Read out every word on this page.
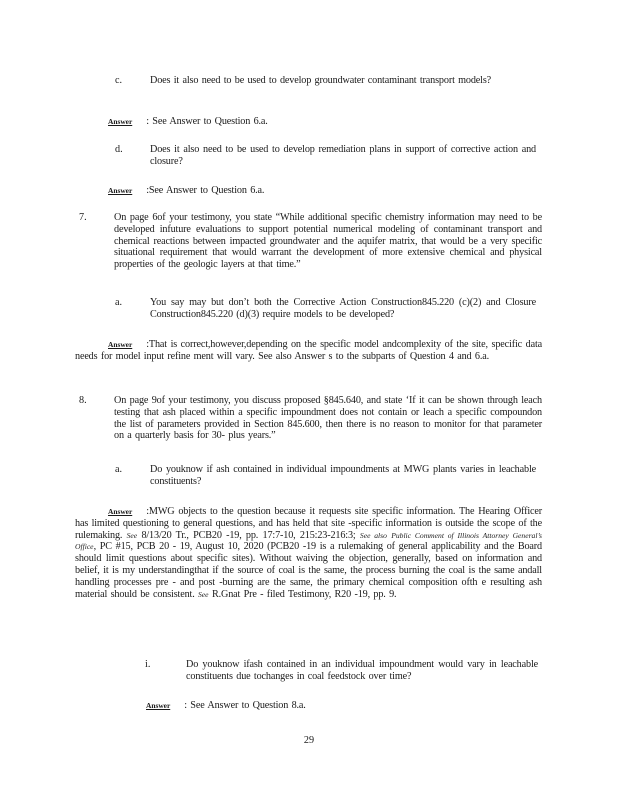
c.	Does it also need to be used to develop groundwater contaminant transport models?
Answer : See Answer to Question 6.a.
d.	Does it also need to be used to develop remediation plans in support of corrective action and closure?
Answer :See Answer to Question 6.a.
7.	On page 6of your testimony, you state “While additional specific chemistry information may need to be developed infuture evaluations to support potential numerical modeling of contaminant transport and chemical reactions between impacted groundwater and the aquifer matrix, that would be a very specific situational requirement that would warrant the development of more extensive chemical and physical properties of the geologic layers at that time.”
a.	You say may but don’t both the Corrective Action Construction845.220 (c)(2) and Closure Construction845.220 (d)(3) require models to be developed?
Answer :That is correct,however,depending on the specific model andcomplexity of the site, specific data needs for model input refine ment will vary. See also Answer s to the subparts of Question 4 and 6.a.
8.	On page 9of your testimony, you discuss proposed §845.640, and state ‘If it can be shown through leach testing that ash placed within a specific impoundment does not contain or leach a specific compoundon the list of parameters provided in Section 845.600, then there is no reason to monitor for that parameter on a quarterly basis for 30- plus years.”
a.	Do youknow if ash contained in individual impoundments at MWG plants varies in leachable constituents?
Answer :MWG objects to the question because it requests site specific information. The Hearing Officer has limited questioning to general questions, and has held that site -specific information is outside the scope of the rulemaking. See 8/13/20 Tr., PCB20 -19, pp. 17:7-10, 215:23-216:3; See also Public Comment of Illinois Attorney General’s Office, PC #15, PCB 20 - 19, August 10, 2020 (PCB20 -19 is a rulemaking of general applicability and the Board should limit questions about specific sites). Without waiving the objection, generally, based on information and belief, it is my understandingthat if the source of coal is the same, the process burning the coal is the same andall handling processes pre - and post -burning are the same, the primary chemical composition ofth e resulting ash material should be consistent. See R.Gnat Pre - filed Testimony, R20 -19, pp. 9.
i.	Do youknow ifash contained in an individual impoundment would vary in leachable constituents due tochanges in coal feedstock over time?
Answer : See Answer to Question 8.a.
29
